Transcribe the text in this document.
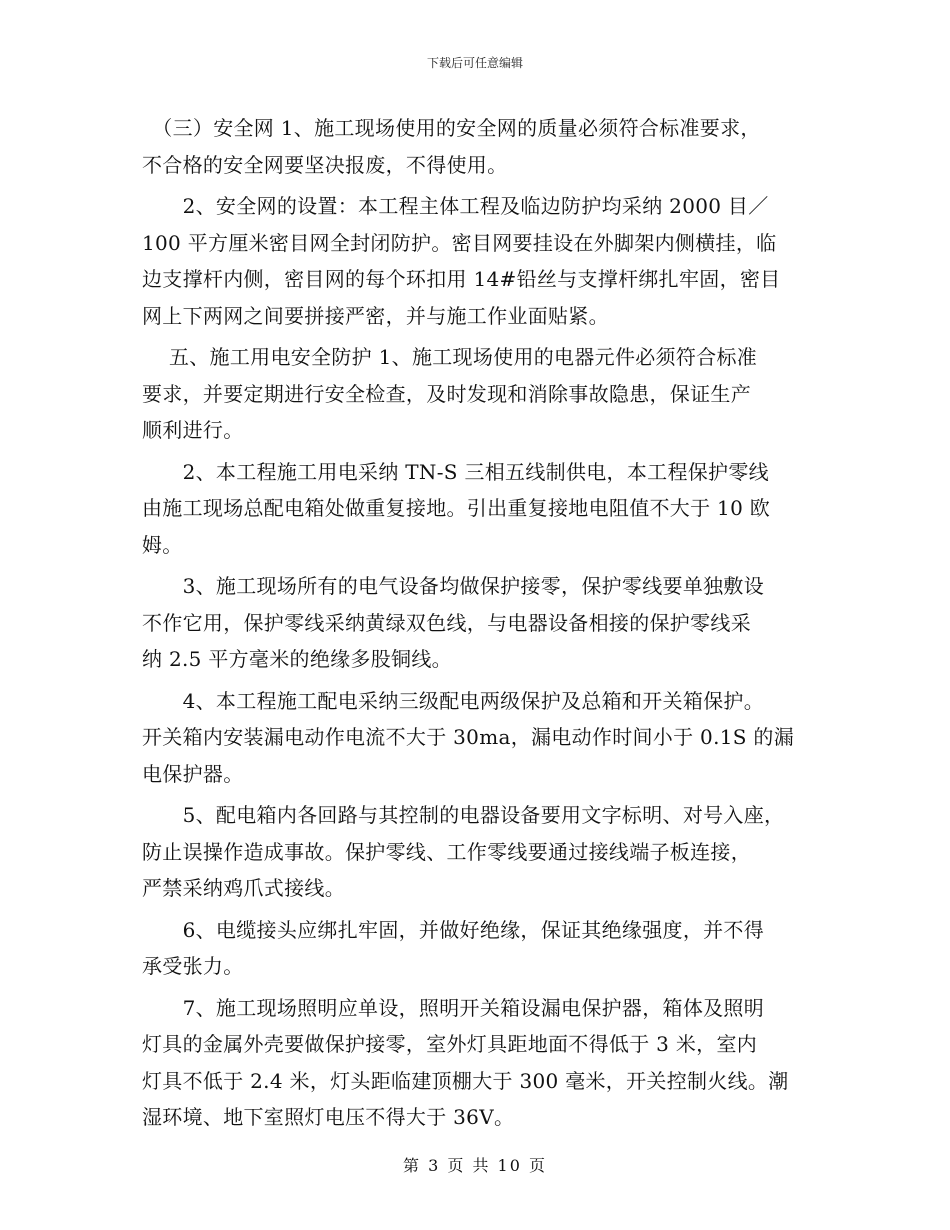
下载后可任意编辑

　（三）安全网 1、施工现场使用的安全网的质量必须符合标准要求，
不合格的安全网要坚决报废，不得使用。

　　2、安全网的设置：本工程主体工程及临边防护均采纳 2000 目／
100 平方厘米密目网全封闭防护。密目网要挂设在外脚架内侧横挂，临
边支撑杆内侧，密目网的每个环扣用 14#铅丝与支撑杆绑扎牢固，密目
网上下两网之间要拼接严密，并与施工作业面贴紧。

　 五、施工用电安全防护 1、施工现场使用的电器元件必须符合标准
要求，并要定期进行安全检查，及时发现和消除事故隐患，保证生产
顺利进行。

　　2、本工程施工用电采纳 TN-S 三相五线制供电，本工程保护零线
由施工现场总配电箱处做重复接地。引出重复接地电阻值不大于 10 欧
姆。

　　3、施工现场所有的电气设备均做保护接零，保护零线要单独敷设
不作它用，保护零线采纳黄绿双色线，与电器设备相接的保护零线采
纳 2.5 平方毫米的绝缘多股铜线。

　　4、本工程施工配电采纳三级配电两级保护及总箱和开关箱保护。
开关箱内安装漏电动作电流不大于 30ma，漏电动作时间小于 0.1S 的漏
电保护器。

　　5、配电箱内各回路与其控制的电器设备要用文字标明、对号入座，
防止误操作造成事故。保护零线、工作零线要通过接线端子板连接，
严禁采纳鸡爪式接线。

　　6、电缆接头应绑扎牢固，并做好绝缘，保证其绝缘强度，并不得
承受张力。

　　7、施工现场照明应单设，照明开关箱设漏电保护器，箱体及照明
灯具的金属外壳要做保护接零，室外灯具距地面不得低于 3 米，室内
灯具不低于 2.4 米，灯头距临建顶棚大于 300 毫米，开关控制火线。潮
湿环境、地下室照灯电压不得大于 36V。

第 3 页 共 10 页
